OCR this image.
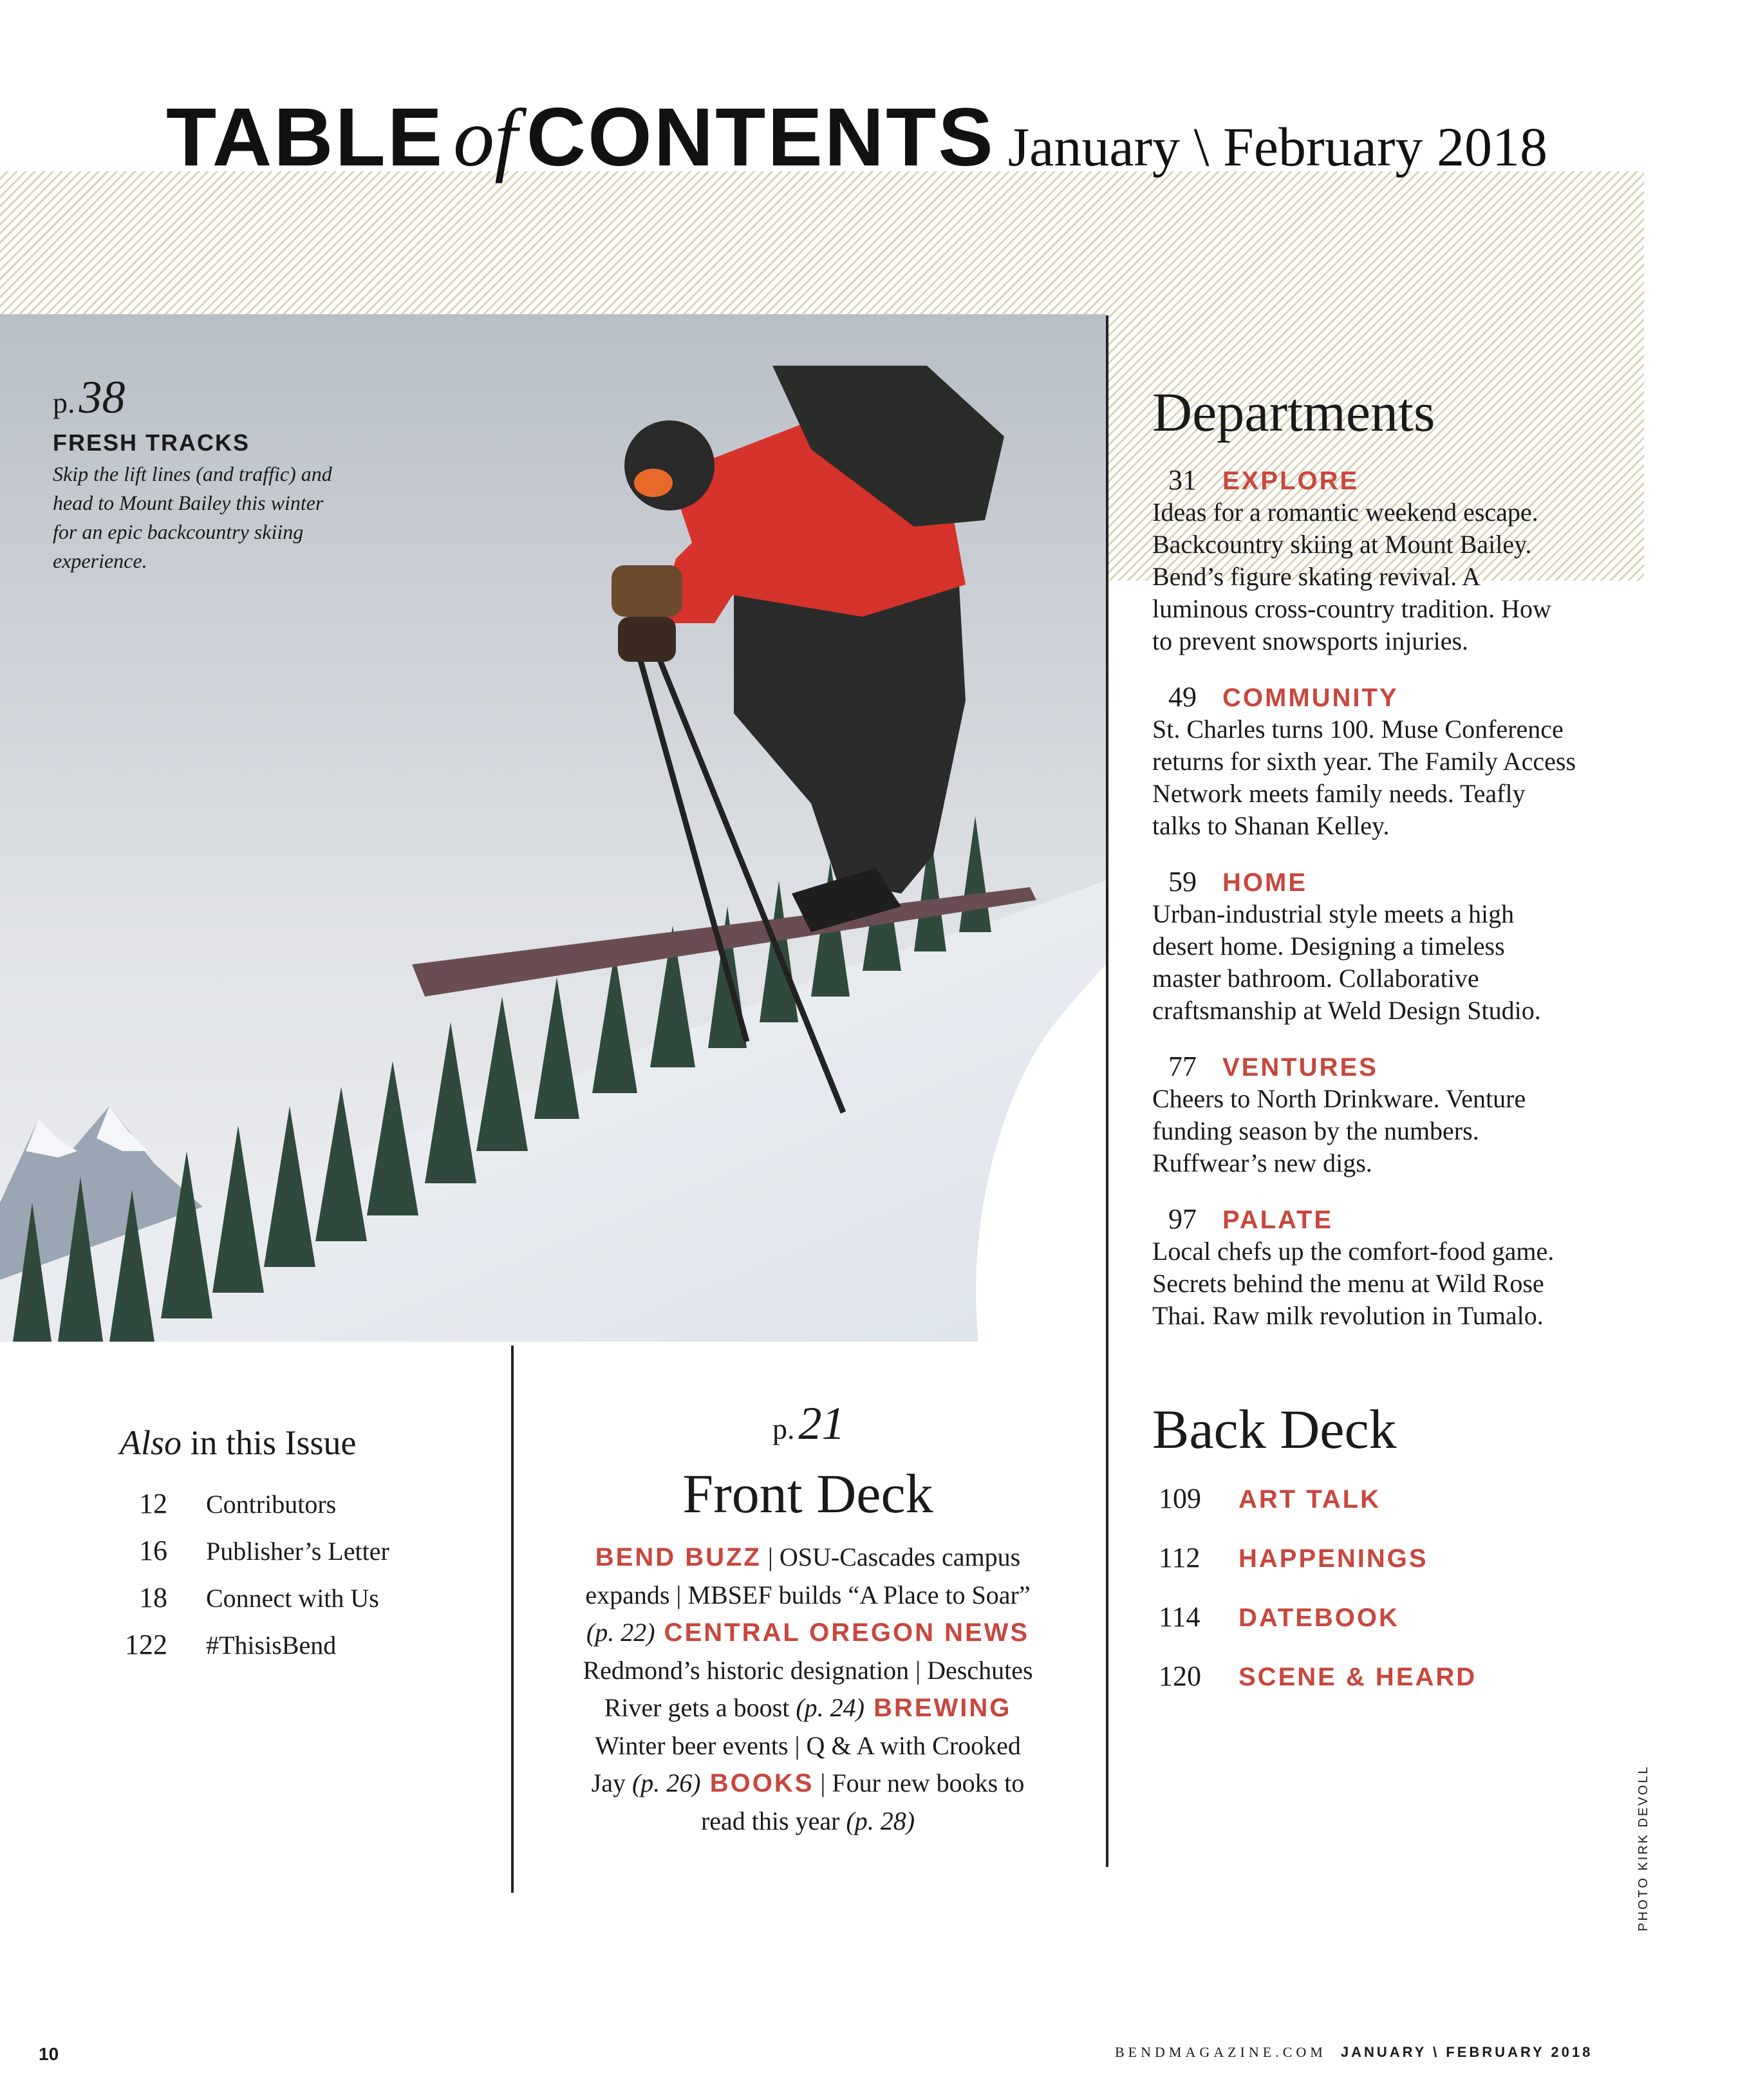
TABLE of CONTENTS January \ February 2018
p.38
FRESH TRACKS
Skip the lift lines (and traffic) and head to Mount Bailey this winter for an epic backcountry skiing experience.
Departments
31 EXPLORE
Ideas for a romantic weekend escape. Backcountry skiing at Mount Bailey. Bend’s figure skating revival. A luminous cross-country tradition. How to prevent snowsports injuries.
49 COMMUNITY
St. Charles turns 100. Muse Conference returns for sixth year. The Family Access Network meets family needs. Teafly talks to Shanan Kelley.
59 HOME
Urban-industrial style meets a high desert home. Designing a timeless master bathroom. Collaborative craftsmanship at Weld Design Studio.
77 VENTURES
Cheers to North Drinkware. Venture funding season by the numbers. Ruffwear’s new digs.
97 PALATE
Local chefs up the comfort-food game. Secrets behind the menu at Wild Rose Thai. Raw milk revolution in Tumalo.
Also in this Issue
12 Contributors
16 Publisher’s Letter
18 Connect with Us
122 #ThisisBend
p.21
Front Deck
BEND BUZZ | OSU-Cascades campus
expands | MBSEF builds “A Place to Soar”
(p. 22) CENTRAL OREGON NEWS
Redmond’s historic designation | Deschutes
River gets a boost (p. 24) BREWING
Winter beer events | Q & A with Crooked
Jay (p. 26) BOOKS | Four new books to
read this year (p. 28)
Back Deck
109 ART TALK
112 HAPPENINGS
114 DATEBOOK
120 SCENE & HEARD
PHOTO KIRK DEVOLL
10	BENDMAGAZINE.COM JANUARY \ FEBRUARY 2018
